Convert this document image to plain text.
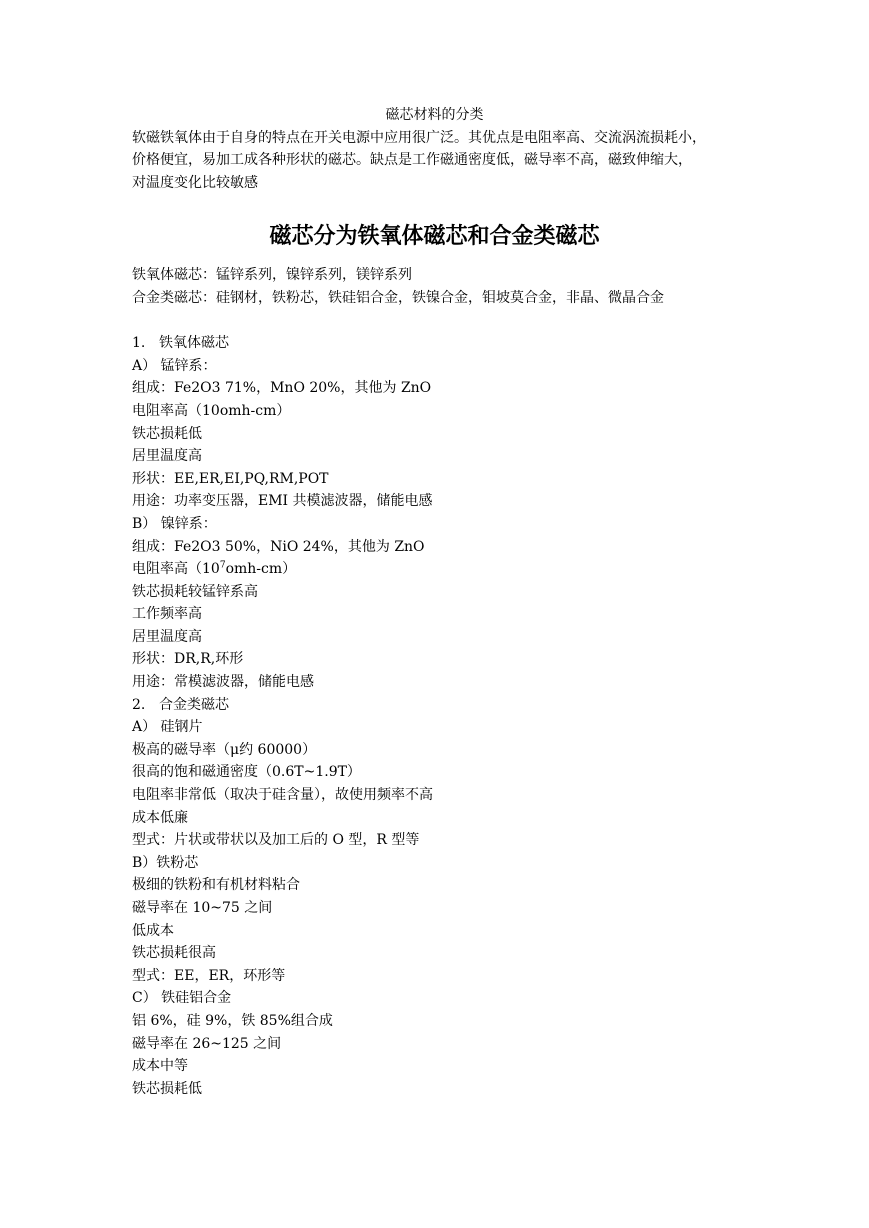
磁芯材料的分类
软磁铁氧体由于自身的特点在开关电源中应用很广泛。其优点是电阻率高、交流涡流损耗小，
价格便宜，易加工成各种形状的磁芯。缺点是工作磁通密度低，磁导率不高，磁致伸缩大，
对温度变化比较敏感
磁芯分为铁氧体磁芯和合金类磁芯
铁氧体磁芯：锰锌系列，镍锌系列，镁锌系列
合金类磁芯：硅钢材，铁粉芯，铁硅铝合金，铁镍合金，钼坡莫合金，非晶、微晶合金
1. 铁氧体磁芯
A） 锰锌系：
组成：Fe2O3 71%，MnO 20%，其他为 ZnO
电阻率高（10omh-cm）
铁芯损耗低
居里温度高
形状：EE,ER,EI,PQ,RM,POT
用途：功率变压器，EMI 共模滤波器，储能电感
B） 镍锌系：
组成：Fe2O3 50%，NiO 24%，其他为 ZnO
电阻率高$(10^7omh-cm)$
铁芯损耗较锰锌系高
工作频率高
居里温度高
形状：DR,R,环形
用途：常模滤波器，储能电感
2. 合金类磁芯
A） 硅钢片
极高的磁导率（μ约 60000）
很高的饱和磁通密度（0.6T~1.9T）
电阻率非常低（取决于硅含量），故使用频率不高
成本低廉
型式：片状或带状以及加工后的 O 型，R 型等
B）铁粉芯
极细的铁粉和有机材料粘合
磁导率在 10~75 之间
低成本
铁芯损耗很高
型式：EE，ER，环形等
C） 铁硅铝合金
铝 6%，硅 9%，铁 85%组合成
磁导率在 26~125 之间
成本中等
铁芯损耗低
